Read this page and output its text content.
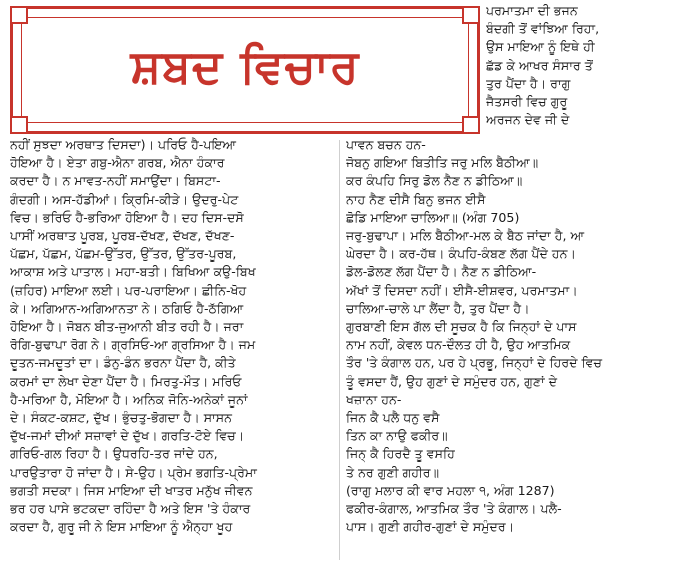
ਸ਼ਬਦ ਵਿਚਾਰ
ਪਰਮਾਤਮਾ ਦੀ ਭਜਨ
ਬੰਦਗੀ ਤੋਂ ਵਾਂਝਿਆ ਰਿਹਾ,
ਉਸ ਮਾਇਆ ਨੂੰ ਇਥੇ ਹੀ
ਛੱਡ ਕੇ ਆਖਰ ਸੰਸਾਰ ਤੋਂ
ਤੁਰ ਪੈਂਦਾ ਹੈ। ਰਾਗੁ
ਜੈਤਸਰੀ ਵਿਚ ਗੁਰੂ
ਅਰਜਨ ਦੇਵ ਜੀ ਦੇ
ਨਹੀਂ ਸੁਝਦਾ ਅਰਥਾਤ ਦਿਸਦਾ)। ਪਰਿਓ ਹੈ-ਪਇਆ
ਹੋਇਆ ਹੈ। ਏਤਾ ਗਬੁ-ਐਨਾ ਗਰਬ, ਐਨਾ ਹੰਕਾਰ
ਕਰਦਾ ਹੈ। ਨ ਮਾਵਤ-ਨਹੀਂ ਸਮਾਉਂਦਾ। ਬਿਸਟਾ-
ਗੰਦਗੀ। ਅਸ-ਹੱਡੀਆਂ। ਕ੍ਰਿਮਿ-ਕੀੜੇ। ਉਦਰੁ-ਪੇਟ
ਵਿਚ। ਭਰਿਓ ਹੈ-ਭਰਿਆ ਹੋਇਆ ਹੈ। ਦਹ ਦਿਸ-ਦਸੋ
ਪਾਸੀਂ ਅਰਥਾਤ ਪੂਰਬ, ਪੂਰਬ-ਦੱਖਣ, ਦੱਖਣ, ਦੱਖਣ-
ਪੱਛਮ, ਪੱਛਮ, ਪੱਛਮ-ਉੱਤਰ, ਉੱਤਰ, ਉੱਤਰ-ਪੂਰਬ,
ਆਕਾਸ਼ ਅਤੇ ਪਾਤਾਲ। ਮਹਾ-ਬਤੀ। ਬਿਖਿਆ ਕਉ-ਬਿਖ
(ਜ਼ਹਿਰ) ਮਾਇਆ ਲਈ। ਪਰ-ਪਰਾਇਆ। ਛੀਨਿ-ਖੋਹ
ਕੇ। ਅਗਿਆਨ-ਅਗਿਆਨਤਾ ਨੇ। ਠਗਿਓ ਹੈ-ਠੱਗਿਆ
ਹੋਇਆ ਹੈ। ਜੋਬਨ ਬੀਤ-ਜੁਆਨੀ ਬੀਤ ਰਹੀ ਹੈ। ਜਰਾ
ਰੋਗਿ-ਬੁਢਾਪਾ ਰੋਗ ਨੇ। ਗ੍ਰਸਿਓ-ਆ ਗ੍ਰਸਿਆ ਹੈ। ਜਮ
ਦੂਤਨ-ਜਮਦੂਤਾਂ ਦਾ। ਡੰਨੁ-ਡੰਨ ਭਰਨਾ ਪੈਂਦਾ ਹੈ, ਕੀਤੇ
ਕਰਮਾਂ ਦਾ ਲੇਖਾ ਦੇਣਾ ਪੈਂਦਾ ਹੈ। ਮਿਰਤੁ-ਮੌਤ। ਮਰਿਓ
ਹੈ-ਮਰਿਆ ਹੈ, ਮੋਇਆ ਹੈ। ਅਨਿਕ ਜੋਨਿ-ਅਨੇਕਾਂ ਜੂਨਾਂ
ਦੇ। ਸੰਕਟ-ਕਸ਼ਟ, ਦੁੱਖ। ਭੁੰਚਤੁ-ਭੋਗਦਾ ਹੈ। ਸਾਸਨ
ਦੁੱਖ-ਜਮਾਂ ਦੀਆਂ ਸਜ਼ਾਵਾਂ ਦੇ ਦੁੱਖ। ਗਰਤਿ-ਟੋਏ ਵਿਚ।
ਗਰਿਓ-ਗਲ ਰਿਹਾ ਹੈ। ਉਧਰਹਿ-ਤਰ ਜਾਂਦੇ ਹਨ,
ਪਾਰਉਤਾਰਾ ਹੋ ਜਾਂਦਾ ਹੈ। ਸੇ-ਉਹ। ਪ੍ਰੇਮ ਭਗਤਿ-ਪ੍ਰੇਮਾ
ਭਗਤੀ ਸਦਕਾ। ਜਿਸ ਮਾਇਆ ਦੀ ਖਾਤਰ ਮਨੁੱਖ ਜੀਵਨ
ਭਰ ਹਰ ਪਾਸੇ ਭਟਕਦਾ ਰਹਿੰਦਾ ਹੈ ਅਤੇ ਇਸ 'ਤੇ ਹੰਕਾਰ
ਕਰਦਾ ਹੈ, ਗੁਰੂ ਜੀ ਨੇ ਇਸ ਮਾਇਆ ਨੂੰ ਐਨ੍ਹਾ ਖੂਹ
ਪਾਵਨ ਬਚਨ ਹਨ-
ਜੋਬਨੁ ਗਇਆ ਬਿਤੀਤਿ ਜਰੁ ਮਲਿ ਬੈਠੀਆ॥
ਕਰ ਕੰਪਹਿ ਸਿਰੁ ਡੋਲ ਨੈਣ ਨ ਡੀਠਿਆ॥
ਨਾਹ ਨੈਣ ਦੀਸੈ ਬਿਨੁ ਭਜਨ ਈਸੈ
ਛੋਡਿ ਮਾਇਆ ਚਾਲਿਆ॥ (ਅੰਗ 705)
ਜਰੁ-ਬੁਢਾਪਾ। ਮਲਿ ਬੈਠੀਆ-ਮਲ ਕੇ ਬੈਠ ਜਾਂਦਾ ਹੈ, ਆ
ਘੇਰਦਾ ਹੈ। ਕਰ-ਹੱਥ। ਕੰਪਹਿ-ਕੰਬਣ ਲੱਗ ਪੈਂਦੇ ਹਨ।
ਡੋਲ-ਡੋਲਣ ਲੱਗ ਪੈਂਦਾ ਹੈ। ਨੈਣ ਨ ਡੀਠਿਆ-
ਅੱਖਾਂ ਤੋਂ ਦਿਸਦਾ ਨਹੀਂ। ਈਸੈ-ਈਸ਼ਵਰ, ਪਰਮਾਤਮਾ।
ਚਾਲਿਆ-ਚਾਲੇ ਪਾ ਲੈਂਦਾ ਹੈ, ਤੁਰ ਪੈਂਦਾ ਹੈ।
ਗੁਰਬਾਣੀ ਇਸ ਗੱਲ ਦੀ ਸੂਚਕ ਹੈ ਕਿ ਜਿਨ੍ਹਾਂ ਦੇ ਪਾਸ
ਨਾਮ ਨਹੀਂ, ਕੇਵਲ ਧਨ-ਦੌਲਤ ਹੀ ਹੈ, ਉਹ ਆਤਮਿਕ
ਤੌਰ 'ਤੇ ਕੰਗਾਲ ਹਨ, ਪਰ ਹੇ ਪ੍ਰਭੂ, ਜਿਨ੍ਹਾਂ ਦੇ ਹਿਰਦੇ ਵਿਚ
ਤੂੰ ਵਸਦਾ ਹੈਂ, ਉਹ ਗੁਣਾਂ ਦੇ ਸਮੁੰਦਰ ਹਨ, ਗੁਣਾਂ ਦੇ
ਖਜ਼ਾਨਾ ਹਨ-
ਜਿਨ ਕੈ ਪਲੈ ਧਨੁ ਵਸੈ
ਤਿਨ ਕਾ ਨਾਉ ਫਕੀਰ॥
ਜਿਨ੍ ਕੈ ਹਿਰਦੈ ਤੂ ਵਸਹਿ
ਤੇ ਨਰ ਗੁਣੀ ਗਹੀਰ॥
(ਰਾਗੁ ਮਲਾਰ ਕੀ ਵਾਰ ਮਹਲਾ ੧, ਅੰਗ 1287)
ਫਕੀਰ-ਕੰਗਾਲ, ਆਤਮਿਕ ਤੌਰ 'ਤੇ ਕੰਗਾਲ। ਪਲੈ-
ਪਾਸ। ਗੁਣੀ ਗਹੀਰ-ਗੁਣਾਂ ਦੇ ਸਮੁੰਦਰ।
